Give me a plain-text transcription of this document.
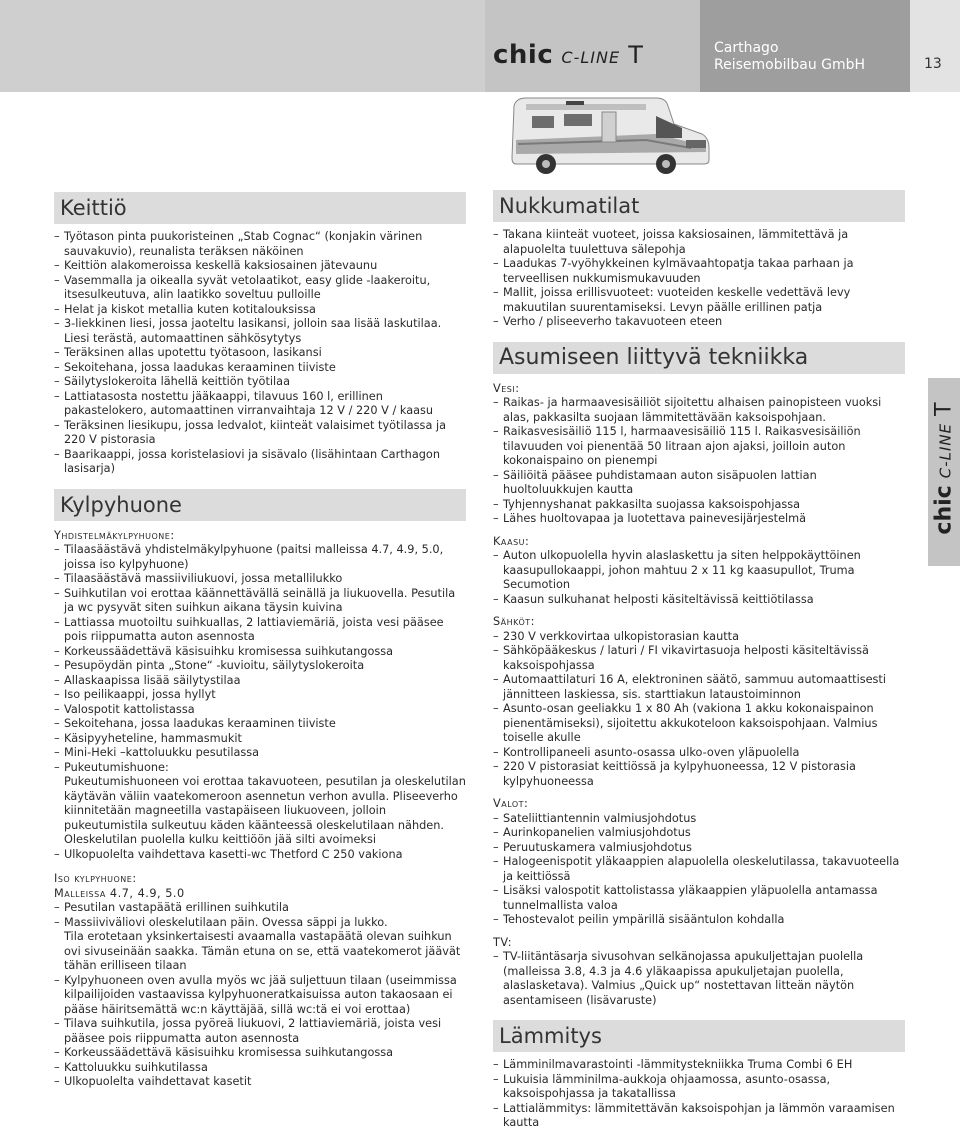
chic C-LINE T	Carthago
Reisemobilbau GmbH	13
chic C-LINE T
Keittiö

– Työtason pinta puukoristeinen „Stab Cognac“ (konjakin värinen sauvakuvio), reunalista teräksen näköinen

– Keittiön alakomeroissa keskellä kaksiosainen jätevaunu

– Vasemmalla ja oikealla syvät vetolaatikot, easy glide -laakeroitu, itsesulkeutuva, alin laatikko soveltuu pulloille

– Helat ja kiskot metallia kuten kotitalouksissa

– 3-liekkinen liesi, jossa jaoteltu lasikansi, jolloin saa lisää laskutilaa. Liesi terästä, automaattinen sähkösytytys

– Teräksinen allas upotettu työtasoon, lasikansi

– Sekoitehana, jossa laadukas keraaminen tiiviste

– Säilytyslokeroita lähellä keittiön työtilaa

– Lattiatasosta nostettu jääkaappi, tilavuus 160 l, erillinen pakastelokero, automaattinen virranvaihtaja 12 V / 220 V / kaasu

– Teräksinen liesikupu, jossa ledvalot, kiinteät valaisimet työtilassa ja 220 V pistorasia

– Baarikaappi, jossa koristelasiovi ja sisävalo (lisähintaan Carthagon lasisarja)

Kylpyhuone
Yhdistelmäkylpyhuone:

– Tilaasäästävä yhdistelmäkylpyhuone (paitsi malleissa 4.7, 4.9, 5.0, joissa iso kylpyhuone)

– Tilaasäästävä massiiviliukuovi, jossa metallilukko

– Suihkutilan voi erottaa käännettävällä seinällä ja liukuovella. Pesutila ja wc pysyvät siten suihkun aikana täysin kuivina

– Lattiassa muotoiltu suihkuallas, 2 lattiaviemäriä, joista vesi pääsee pois riippumatta auton asennosta

– Korkeussäädettävä käsisuihku kromisessa suihkutangossa

– Pesupöydän pinta „Stone“ -kuvioitu, säilytyslokeroita

– Allaskaapissa lisää säilytystilaa

– Iso peilikaappi, jossa hyllyt

– Valospotit kattolistassa

– Sekoitehana, jossa laadukas keraaminen tiiviste

– Käsipyyheteline, hammasmukit

– Mini-Heki –kattoluukku pesutilassa

– Pukeutumishuone:

Pukeutumishuoneen voi erottaa takavuoteen, pesutilan ja oleskelutilan käytävän väliin vaatekomeroon asennetun verhon avulla. Pliseeverho kiinnitetään magneetilla vastapäiseen liukuoveen, jolloin pukeutumistila sulkeutuu käden käänteessä oleskelutilaan nähden. Oleskelutilan puolella kulku keittiöön jää silti avoimeksi

– Ulkopuolelta vaihdettava kasetti-wc Thetford C 250 vakiona

Iso kylpyhuone:
Malleissa 4.7, 4.9, 5.0

– Pesutilan vastapäätä erillinen suihkutila

– Massiiviväliovi oleskelutilaan päin. Ovessa säppi ja lukko.

Tila erotetaan yksinkertaisesti avaamalla vastapäätä olevan suihkun ovi sivuseinään saakka. Tämän etuna on se, että vaatekomerot jäävät tähän erilliseen tilaan

– Kylpyhuoneen oven avulla myös wc jää suljettuun tilaan (useimmissa kilpailijoiden vastaavissa kylpyhuoneratkaisuissa auton takaosaan ei pääse häiritsemättä wc:n käyttäjää, sillä wc:tä ei voi erottaa)

– Tilava suihkutila, jossa pyöreä liukuovi, 2 lattiaviemäriä, joista vesi pääsee pois riippumatta auton asennosta

– Korkeussäädettävä käsisuihku kromisessa suihkutangossa

– Kattoluukku suihkutilassa

– Ulkopuolelta vaihdettavat kasetit

Nukkumatilat

– Takana kiinteät vuoteet, joissa kaksiosainen, lämmitettävä ja alapuolelta tuulettuva sälepohja

– Laadukas 7-vyöhykkeinen kylmävaahtopatja takaa parhaan ja terveellisen nukkumismukavuuden

– Mallit, joissa erillisvuoteet: vuoteiden keskelle vedettävä levy makuutilan suurentamiseksi. Levyn päälle erillinen patja

– Verho / pliseeverho takavuoteen eteen

Asumiseen liittyvä tekniikka
Vesi:

– Raikas- ja harmaavesisäiliöt sijoitettu alhaisen painopisteen vuoksi alas, pakkasilta suojaan lämmitettävään kaksoispohjaan.

– Raikasvesisäiliö 115 l, harmaavesisäiliö 115 l. Raikasvesisäiliön tilavuuden voi pienentää 50 litraan ajon ajaksi, joilloin auton kokonaispaino on pienempi

– Säiliöitä pääsee puhdistamaan auton sisäpuolen lattian huoltoluukkujen kautta

– Tyhjennyshanat pakkasilta suojassa kaksoispohjassa

– Lähes huoltovapaa ja luotettava painevesijärjestelmä

Kaasu:

– Auton ulkopuolella hyvin alaslaskettu ja siten helppokäyttöinen kaasupullokaappi, johon mahtuu 2 x 11 kg kaasupullot, Truma Secumotion

– Kaasun sulkuhanat helposti käsiteltävissä keittiötilassa

Sähköt:

– 230 V verkkovirtaa ulkopistorasian kautta

– Sähköpääkeskus / laturi / FI vikavirtasuoja helposti käsiteltävissä kaksoispohjassa

– Automaattilaturi 16 A, elektroninen säätö, sammuu automaattisesti jännitteen laskiessa, sis. starttiakun lataustoiminnon

– Asunto-osan geeliakku 1 x 80 Ah (vakiona 1 akku kokonaispainon pienentämiseksi), sijoitettu akkukoteloon kaksoispohjaan. Valmius toiselle akulle

– Kontrollipaneeli asunto-osassa ulko-oven yläpuolella

– 220 V pistorasiat keittiössä ja kylpyhuoneessa, 12 V pistorasia kylpyhuoneessa

Valot:

– Sateliittiantennin valmiusjohdotus

– Aurinkopanelien valmiusjohdotus

– Peruutuskamera valmiusjohdotus

– Halogeenispotit yläkaappien alapuolella oleskelutilassa, takavuoteella ja keittiössä

– Lisäksi valospotit kattolistassa yläkaappien yläpuolella antamassa tunnelmallista valoa

– Tehostevalot peilin ympärillä sisääntulon kohdalla

TV:

– TV-liitäntäsarja sivusohvan selkänojassa apukuljettajan puolella (malleissa 3.8, 4.3 ja 4.6 yläkaapissa apukuljetajan puolella, alaslasketava). Valmius „Quick up“ nostettavan litteän näytön asentamiseen (lisävaruste)

Lämmitys

– Lämminilmavarastointi -lämmitystekniikka Truma Combi 6 EH

– Lukuisia lämminilma-aukkoja ohjaamossa, asunto-osassa, kaksoispohjassa ja takatallissa

– Lattialämmitys: lämmitettävän kaksoispohjan ja lämmön varaamisen kautta
